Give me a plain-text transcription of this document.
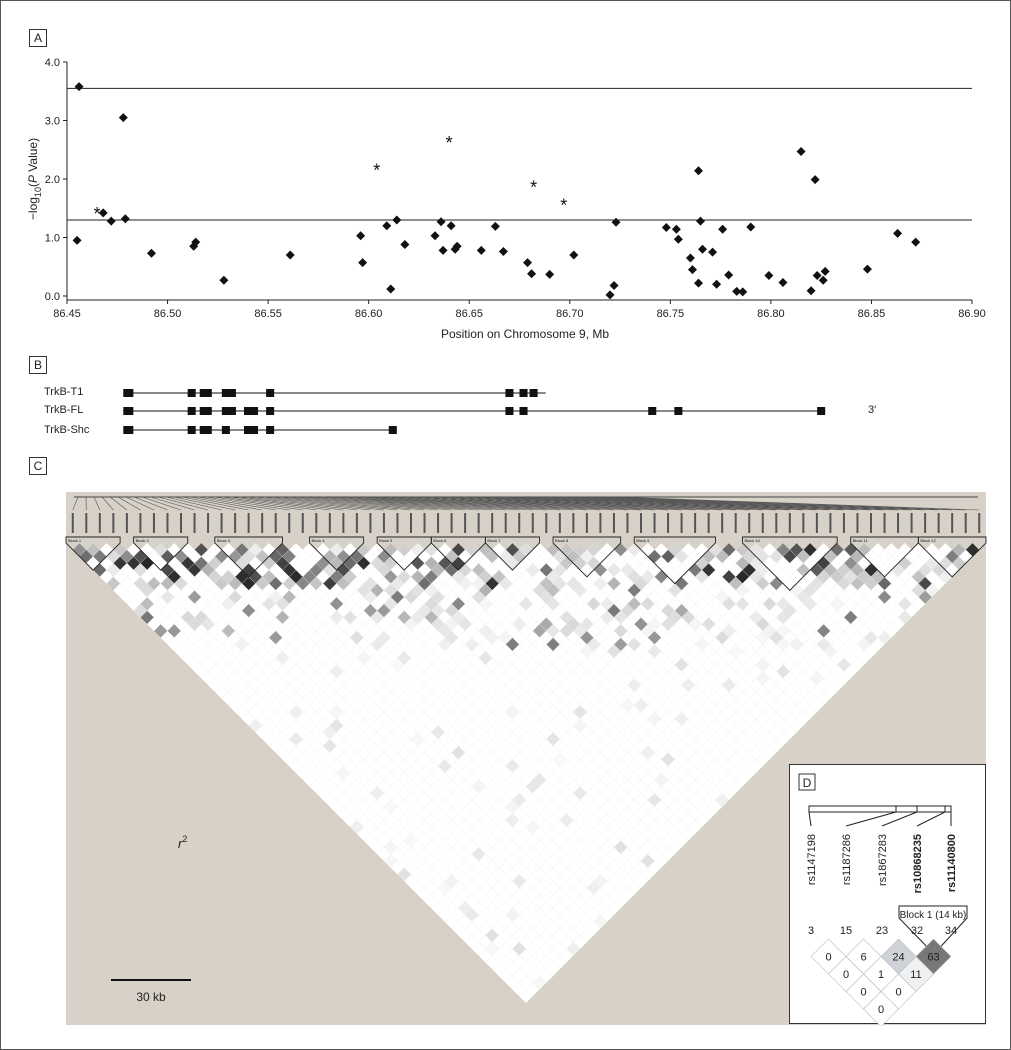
A
B
C
86.45	86.50	86.55	86.60	86.65	86.70	86.75	86.80	86.85	86.90
0.0
1.0
2.0
3.0
4.0
*
*
*
*
*
Position on Chromosome 9, Mb
$-\log_{10}(P$ Value)
TrkB-T1
TrkB-FL
TrkB-Shc
3′
Block 1	Block 2	Block 3	Block 4	Block 5	Block 6	Block 7	Block 8	Block 9	Block 10	Block 11	Block 12
$r^2$
30 kb
D
rs1147198 rs1187286 rs1867283 rs10868235 rs11140800
Block 1 (14 kb)
3 15 23 32 34
0	6 24 63
0	1 11
0	0
0
